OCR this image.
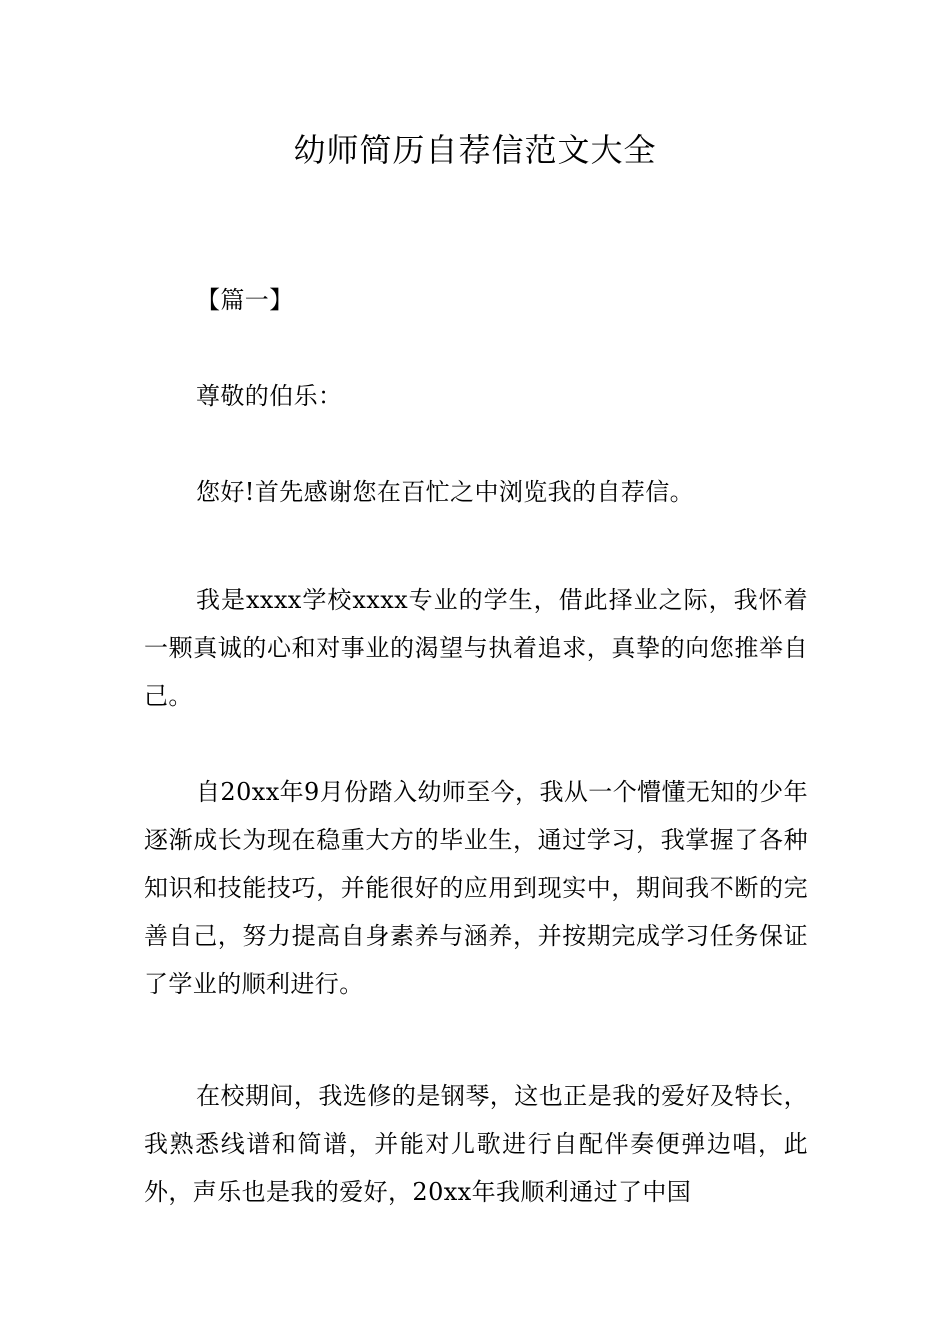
幼师简历自荐信范文大全

【篇一】

尊敬的伯乐：

您好!首先感谢您在百忙之中浏览我的自荐信。

我是xxxx学校xxxx专业的学生，借此择业之际，我怀着一颗真诚的心和对事业的渴望与执着追求，真挚的向您推举自己。

自20xx年9月份踏入幼师至今，我从一个懵懂无知的少年逐渐成长为现在稳重大方的毕业生，通过学习，我掌握了各种知识和技能技巧，并能很好的应用到现实中，期间我不断的完善自己，努力提高自身素养与涵养，并按期完成学习任务保证了学业的顺利进行。

在校期间，我选修的是钢琴，这也正是我的爱好及特长，我熟悉线谱和简谱，并能对儿歌进行自配伴奏便弹边唱，此外，声乐也是我的爱好，20xx年我顺利通过了中国
